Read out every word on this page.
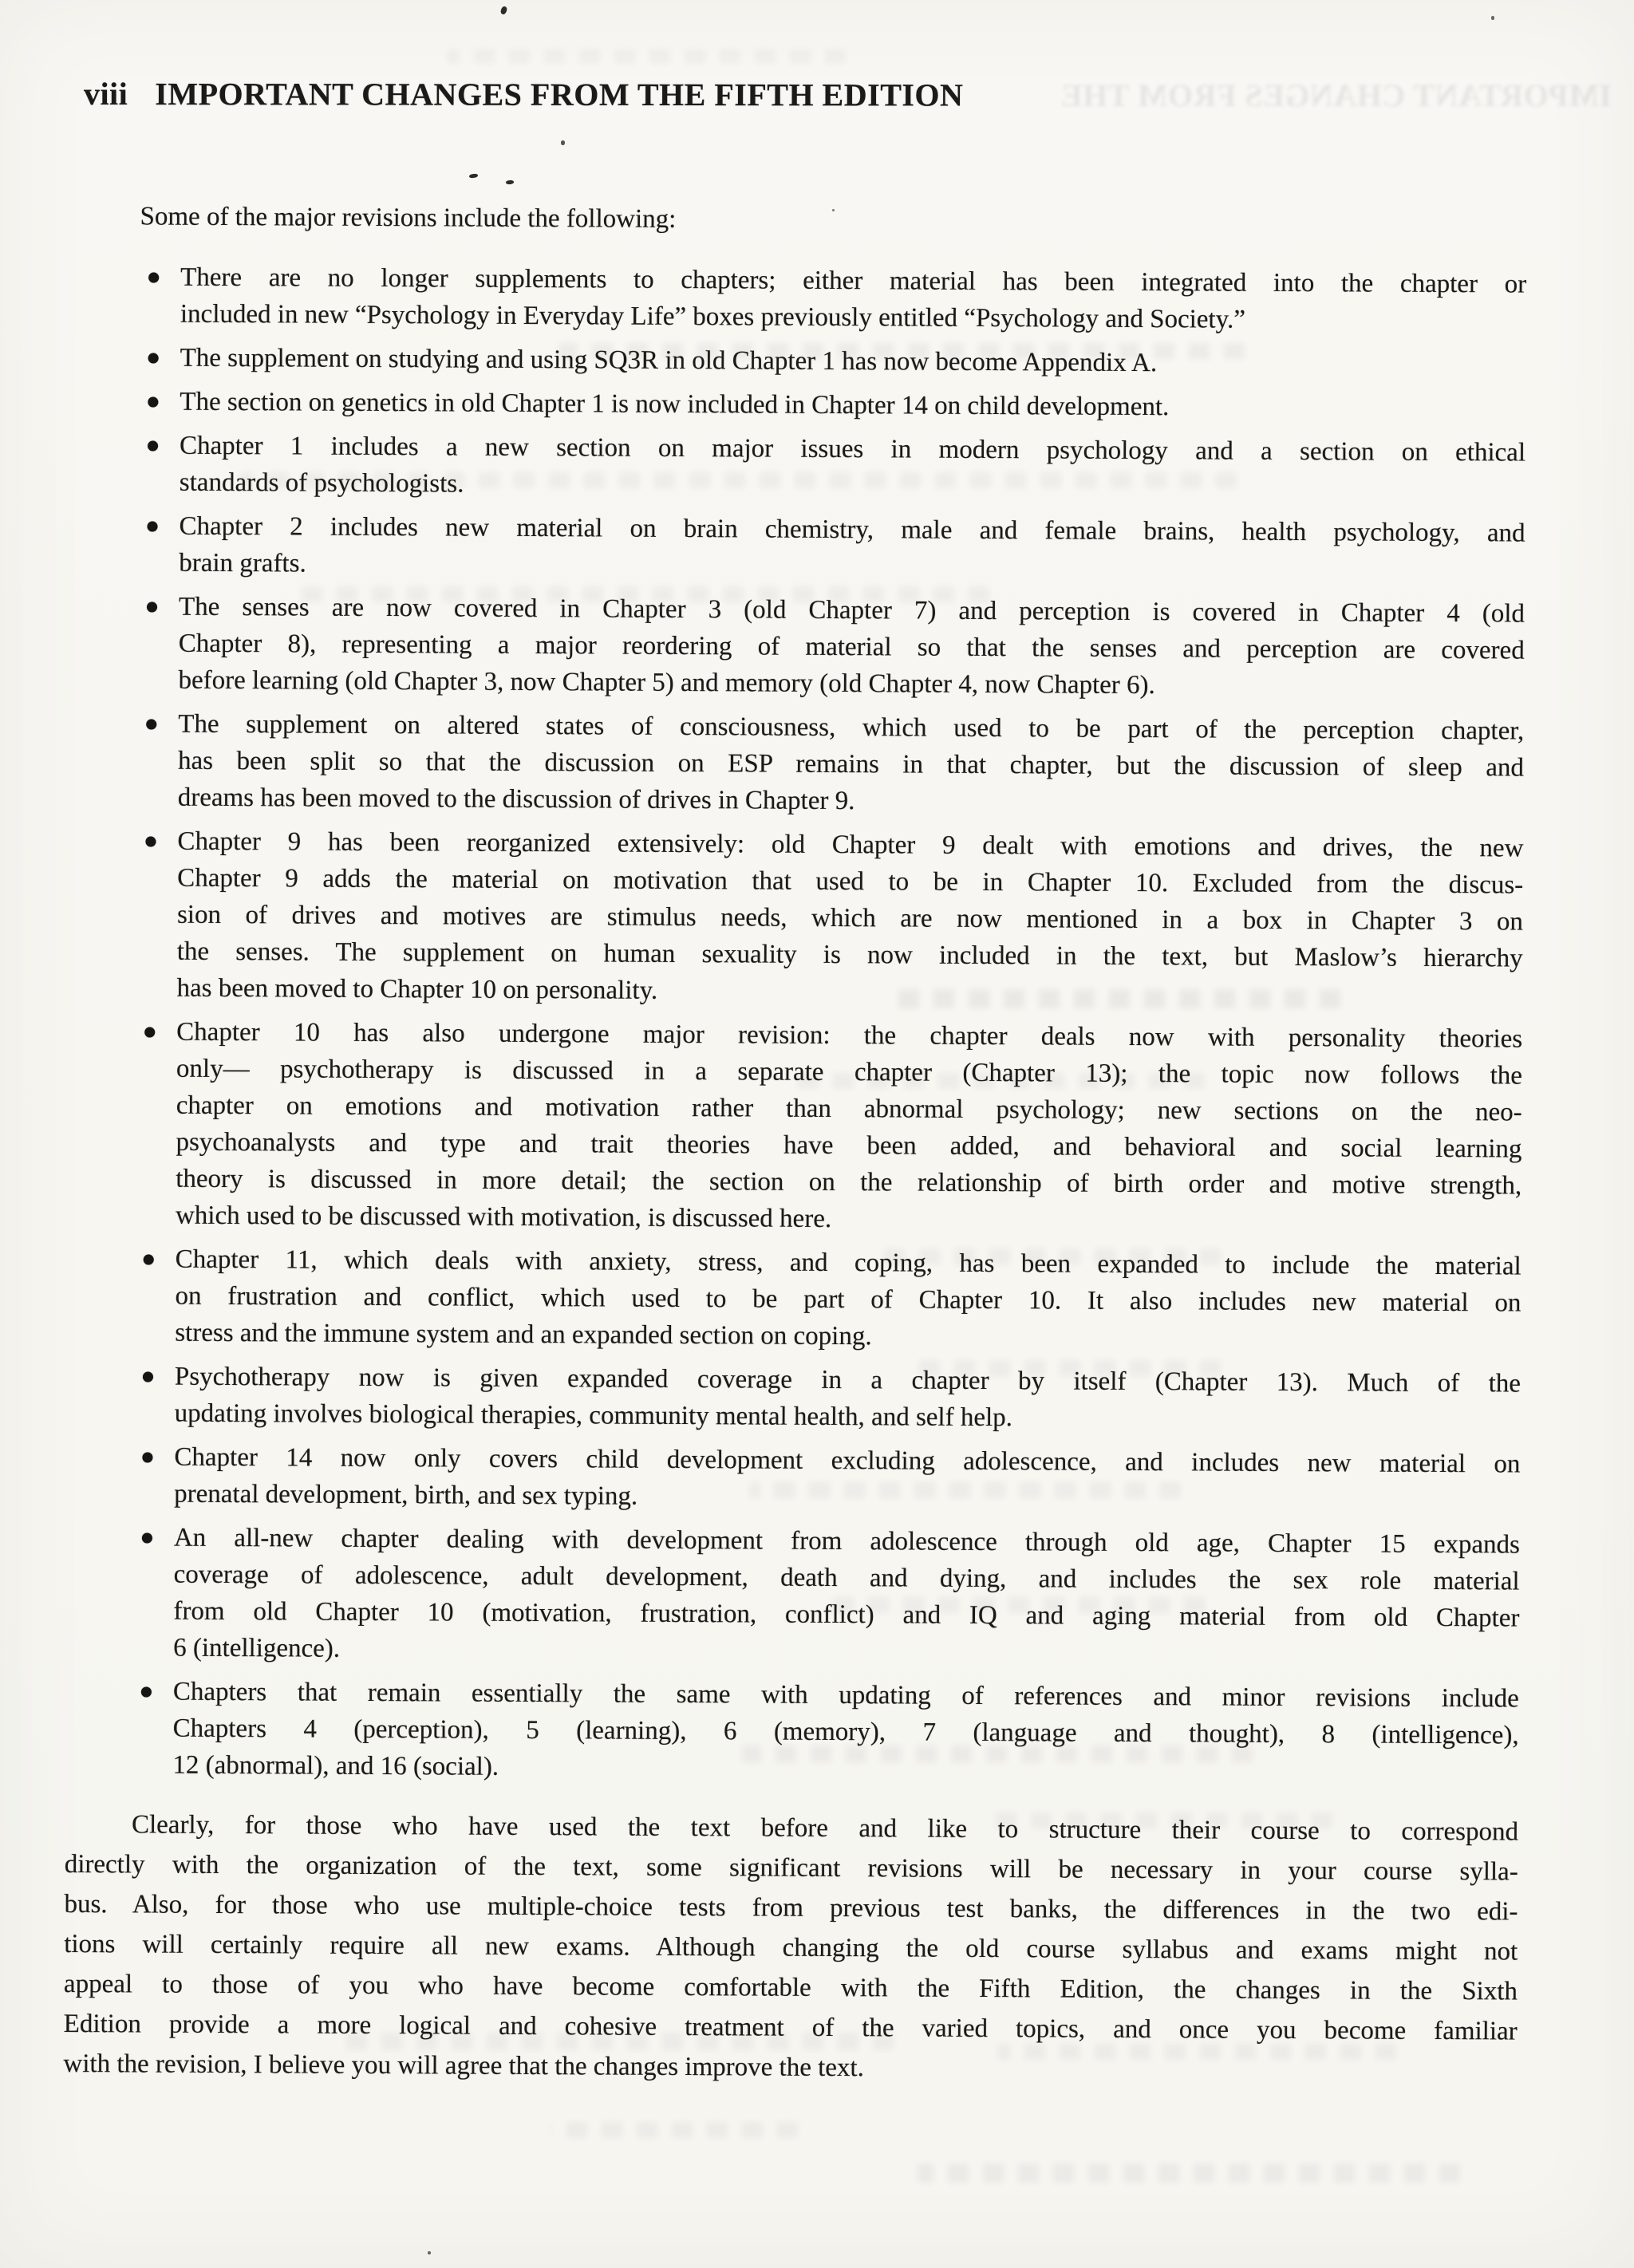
viii IMPORTANT CHANGES FROM THE FIFTH EDITION	IMPORTANT CHANGES FROM THE
Some of the major revisions include the following:
There are no longer supplements to chapters; either material has been integrated into the chapter or
included in new “Psychology in Everyday Life” boxes previously entitled “Psychology and Society.”
The supplement on studying and using SQ3R in old Chapter 1 has now become Appendix A.
The section on genetics in old Chapter 1 is now included in Chapter 14 on child development.
Chapter 1 includes a new section on major issues in modern psychology and a section on ethical
standards of psychologists.
Chapter 2 includes new material on brain chemistry, male and female brains, health psychology, and
brain grafts.
The senses are now covered in Chapter 3 (old Chapter 7) and perception is covered in Chapter 4 (old
Chapter 8), representing a major reordering of material so that the senses and perception are covered
before learning (old Chapter 3, now Chapter 5) and memory (old Chapter 4, now Chapter 6).
The supplement on altered states of consciousness, which used to be part of the perception chapter,
has been split so that the discussion on ESP remains in that chapter, but the discussion of sleep and
dreams has been moved to the discussion of drives in Chapter 9.
Chapter 9 has been reorganized extensively: old Chapter 9 dealt with emotions and drives, the new
Chapter 9 adds the material on motivation that used to be in Chapter 10. Excluded from the discus-
sion of drives and motives are stimulus needs, which are now mentioned in a box in Chapter 3 on
the senses. The supplement on human sexuality is now included in the text, but Maslow’s hierarchy
has been moved to Chapter 10 on personality.
Chapter 10 has also undergone major revision: the chapter deals now with personality theories
only— psychotherapy is discussed in a separate chapter (Chapter 13); the topic now follows the
chapter on emotions and motivation rather than abnormal psychology; new sections on the neo-
psychoanalysts and type and trait theories have been added, and behavioral and social learning
theory is discussed in more detail; the section on the relationship of birth order and motive strength,
which used to be discussed with motivation, is discussed here.
Chapter 11, which deals with anxiety, stress, and coping, has been expanded to include the material
on frustration and conflict, which used to be part of Chapter 10. It also includes new material on
stress and the immune system and an expanded section on coping.
Psychotherapy now is given expanded coverage in a chapter by itself (Chapter 13). Much of the
updating involves biological therapies, community mental health, and self help.
Chapter 14 now only covers child development excluding adolescence, and includes new material on
prenatal development, birth, and sex typing.
An all-new chapter dealing with development from adolescence through old age, Chapter 15 expands
coverage of adolescence, adult development, death and dying, and includes the sex role material
from old Chapter 10 (motivation, frustration, conflict) and IQ and aging material from old Chapter
6 (intelligence).
Chapters that remain essentially the same with updating of references and minor revisions include
Chapters 4 (perception), 5 (learning), 6 (memory), 7 (language and thought), 8 (intelligence),
12 (abnormal), and 16 (social).
Clearly, for those who have used the text before and like to structure their course to correspond
directly with the organization of the text, some significant revisions will be necessary in your course sylla-
bus. Also, for those who use multiple-choice tests from previous test banks, the differences in the two edi-
tions will certainly require all new exams. Although changing the old course syllabus and exams might not
appeal to those of you who have become comfortable with the Fifth Edition, the changes in the Sixth
Edition provide a more logical and cohesive treatment of the varied topics, and once you become familiar
with the revision, I believe you will agree that the changes improve the text.
